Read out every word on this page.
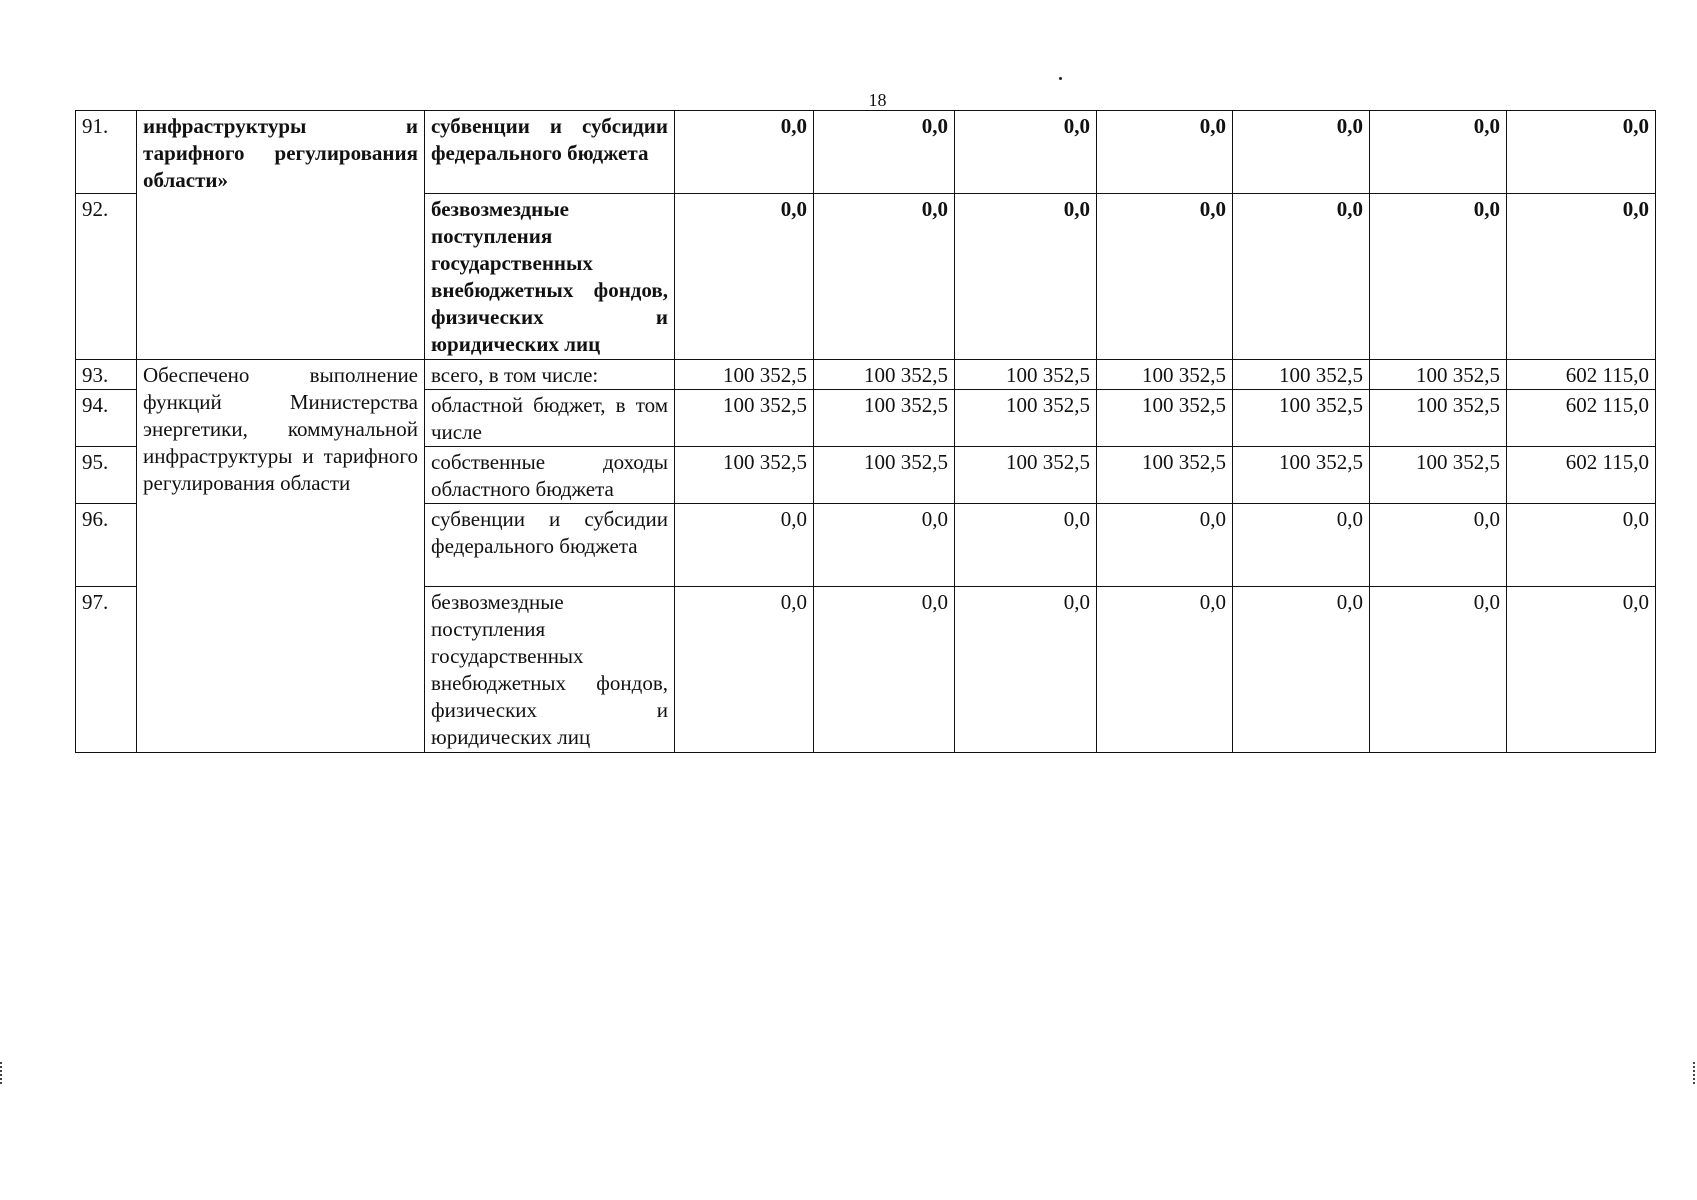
18
91.	инфраструктуры и тарифного регулирования области»	субвенции и субсидии федерального бюджета	0,0	0,0	0,0	0,0	0,0	0,0	0,0
92.		безвозмездные поступления государственных внебюджетных фондов, физических и юридических лиц	0,0	0,0	0,0	0,0	0,0	0,0	0,0
93.	Обеспечено выполнение функций Министерства энергетики, коммунальной инфраструктуры и тарифного регулирования области	всего, в том числе:	100 352,5	100 352,5	100 352,5	100 352,5	100 352,5	100 352,5	602 115,0
94.		областной бюджет, в том числе	100 352,5	100 352,5	100 352,5	100 352,5	100 352,5	100 352,5	602 115,0
95.		собственные доходы областного бюджета	100 352,5	100 352,5	100 352,5	100 352,5	100 352,5	100 352,5	602 115,0
96.		субвенции и субсидии федерального бюджета	0,0	0,0	0,0	0,0	0,0	0,0	0,0
97.		безвозмездные поступления государственных внебюджетных фондов, физических и юридических лиц	0,0	0,0	0,0	0,0	0,0	0,0	0,0
